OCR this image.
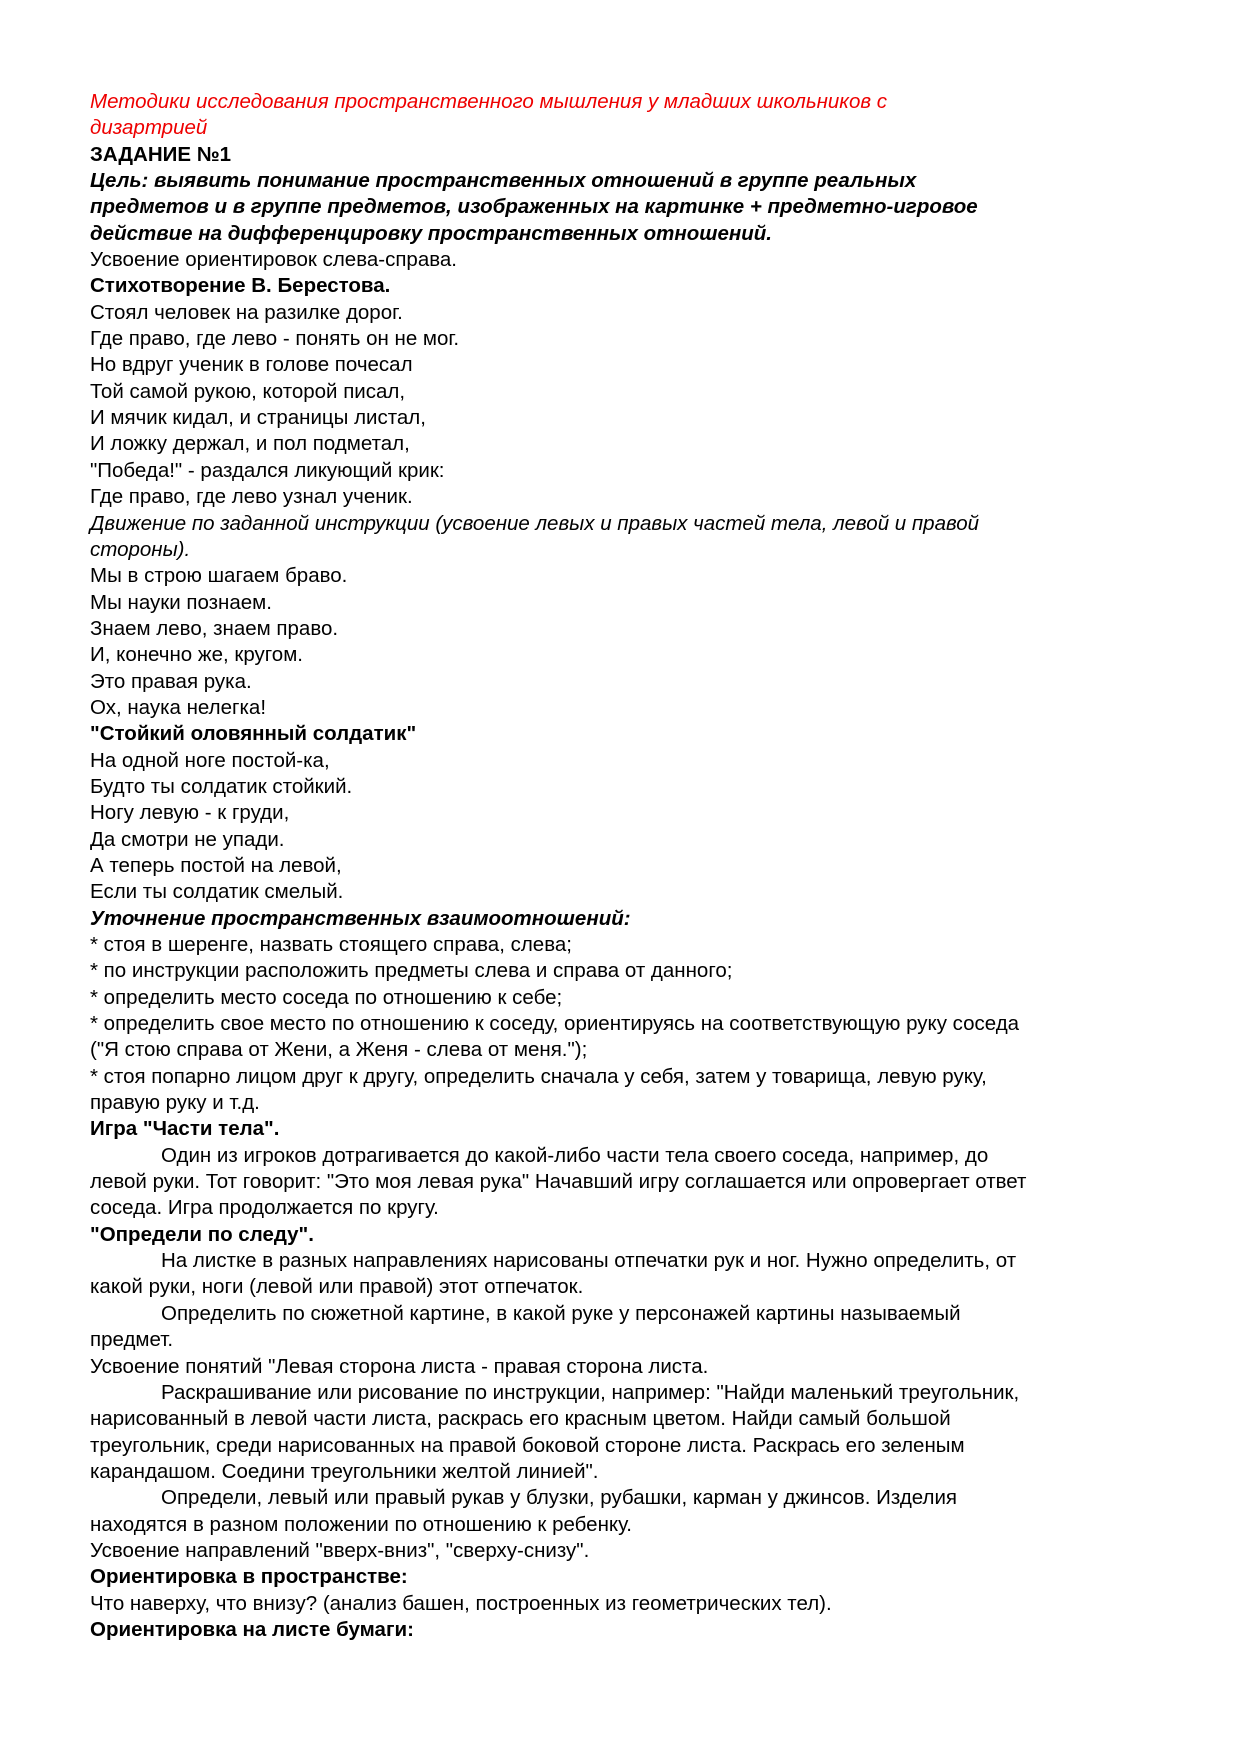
Методики исследования пространственного мышления у младших школьников с
дизартрией
ЗАДАНИЕ №1
Цель: выявить понимание пространственных отношений в группе реальных
предметов и в группе предметов, изображенных на картинке + предметно-игровое
действие на дифференцировку пространственных отношений.
Усвоение ориентировок слева-справа.
Стихотворение В. Берестова.
Стоял человек на разилке дорог.
Где право, где лево - понять он не мог.
Но вдруг ученик в голове почесал
Той самой рукою, которой писал,
И мячик кидал, и страницы листал,
И ложку держал, и пол подметал,
"Победа!" - раздался ликующий крик:
Где право, где лево узнал ученик.
Движение по заданной инструкции (усвоение левых и правых частей тела, левой и правой
стороны).
Мы в строю шагаем браво.
Мы науки познаем.
Знаем лево, знаем право.
И, конечно же, кругом.
Это правая рука.
Ох, наука нелегка!
"Стойкий оловянный солдатик"
На одной ноге постой-ка,
Будто ты солдатик стойкий.
Ногу левую - к груди,
Да смотри не упади.
А теперь постой на левой,
Если ты солдатик смелый.
Уточнение пространственных взаимоотношений:
* стоя в шеренге, назвать стоящего справа, слева;
* по инструкции расположить предметы слева и справа от данного;
* определить место соседа по отношению к себе;
* определить свое место по отношению к соседу, ориентируясь на соответствующую руку соседа
("Я стою справа от Жени, а Женя - слева от меня.");
* стоя попарно лицом друг к другу, определить сначала у себя, затем у товарища, левую руку,
правую руку и т.д.
Игра "Части тела".
Один из игроков дотрагивается до какой-либо части тела своего соседа, например, до
левой руки. Тот говорит: "Это моя левая рука" Начавший игру соглашается или опровергает ответ
соседа. Игра продолжается по кругу.
"Определи по следу".
На листке в разных направлениях нарисованы отпечатки рук и ног. Нужно определить, от
какой руки, ноги (левой или правой) этот отпечаток.
Определить по сюжетной картине, в какой руке у персонажей картины называемый
предмет.
Усвоение понятий "Левая сторона листа - правая сторона листа.
Раскрашивание или рисование по инструкции, например: "Найди маленький треугольник,
нарисованный в левой части листа, раскрась его красным цветом. Найди самый большой
треугольник, среди нарисованных на правой боковой стороне листа. Раскрась его зеленым
карандашом. Соедини треугольники желтой линией".
Определи, левый или правый рукав у блузки, рубашки, карман у джинсов. Изделия
находятся в разном положении по отношению к ребенку.
Усвоение направлений "вверх-вниз", "сверху-снизу".
Ориентировка в пространстве:
Что наверху, что внизу? (анализ башен, построенных из геометрических тел).
Ориентировка на листе бумаги:
